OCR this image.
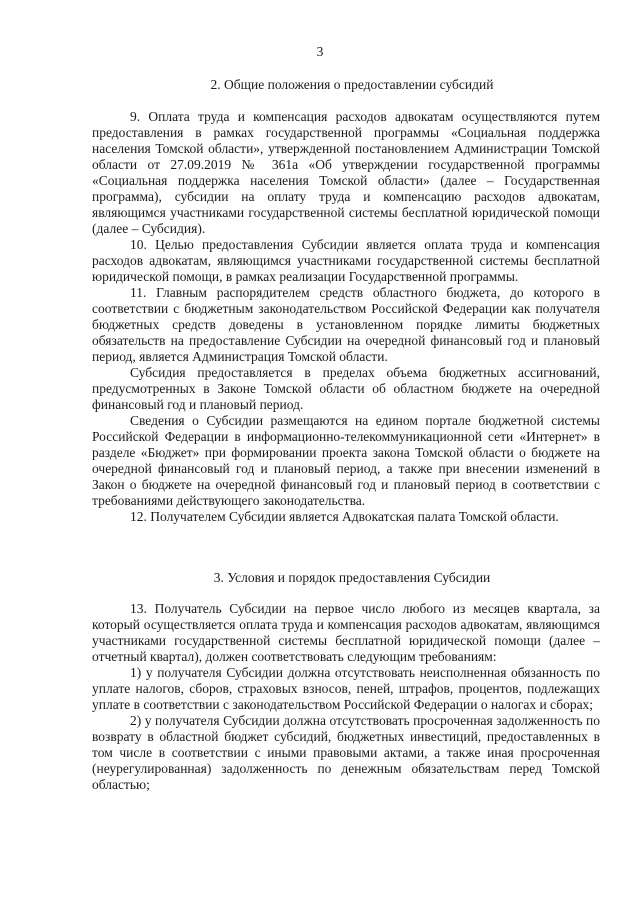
3
2. Общие положения о предоставлении субсидий

9. Оплата труда и компенсация расходов адвокатам осуществляются путем предоставления в рамках государственной программы «Социальная поддержка населения Томской области», утвержденной постановлением Администрации Томской области от 27.09.2019 № 361а «Об утверждении государственной программы «Социальная поддержка населения Томской области» (далее – Государственная программа), субсидии на оплату труда и компенсацию расходов адвокатам, являющимся участниками государственной системы бесплатной юридической помощи (далее – Субсидия).

10. Целью предоставления Субсидии является оплата труда и компенсация расходов адвокатам, являющимся участниками государственной системы бесплатной юридической помощи, в рамках реализации Государственной программы.

11. Главным распорядителем средств областного бюджета, до которого в соответствии с бюджетным законодательством Российской Федерации как получателя бюджетных средств доведены в установленном порядке лимиты бюджетных обязательств на предоставление Субсидии на очередной финансовый год и плановый период, является Администрация Томской области.

Субсидия предоставляется в пределах объема бюджетных ассигнований, предусмотренных в Законе Томской области об областном бюджете на очередной финансовый год и плановый период.

Сведения о Субсидии размещаются на едином портале бюджетной системы Российской Федерации в информационно-телекоммуникационной сети «Интернет» в разделе «Бюджет» при формировании проекта закона Томской области о бюджете на очередной финансовый год и плановый период, а также при внесении изменений в Закон о бюджете на очередной финансовый год и плановый период в соответствии с требованиями действующего законодательства.

12. Получателем Субсидии является Адвокатская палата Томской области.

3. Условия и порядок предоставления Субсидии

13. Получатель Субсидии на первое число любого из месяцев квартала, за который осуществляется оплата труда и компенсация расходов адвокатам, являющимся участниками государственной системы бесплатной юридической помощи (далее – отчетный квартал), должен соответствовать следующим требованиям:

1) у получателя Субсидии должна отсутствовать неисполненная обязанность по уплате налогов, сборов, страховых взносов, пеней, штрафов, процентов, подлежащих уплате в соответствии с законодательством Российской Федерации о налогах и сборах;

2) у получателя Субсидии должна отсутствовать просроченная задолженность по возврату в областной бюджет субсидий, бюджетных инвестиций, предоставленных в том числе в соответствии с иными правовыми актами, а также иная просроченная (неурегулированная) задолженность по денежным обязательствам перед Томской областью;
